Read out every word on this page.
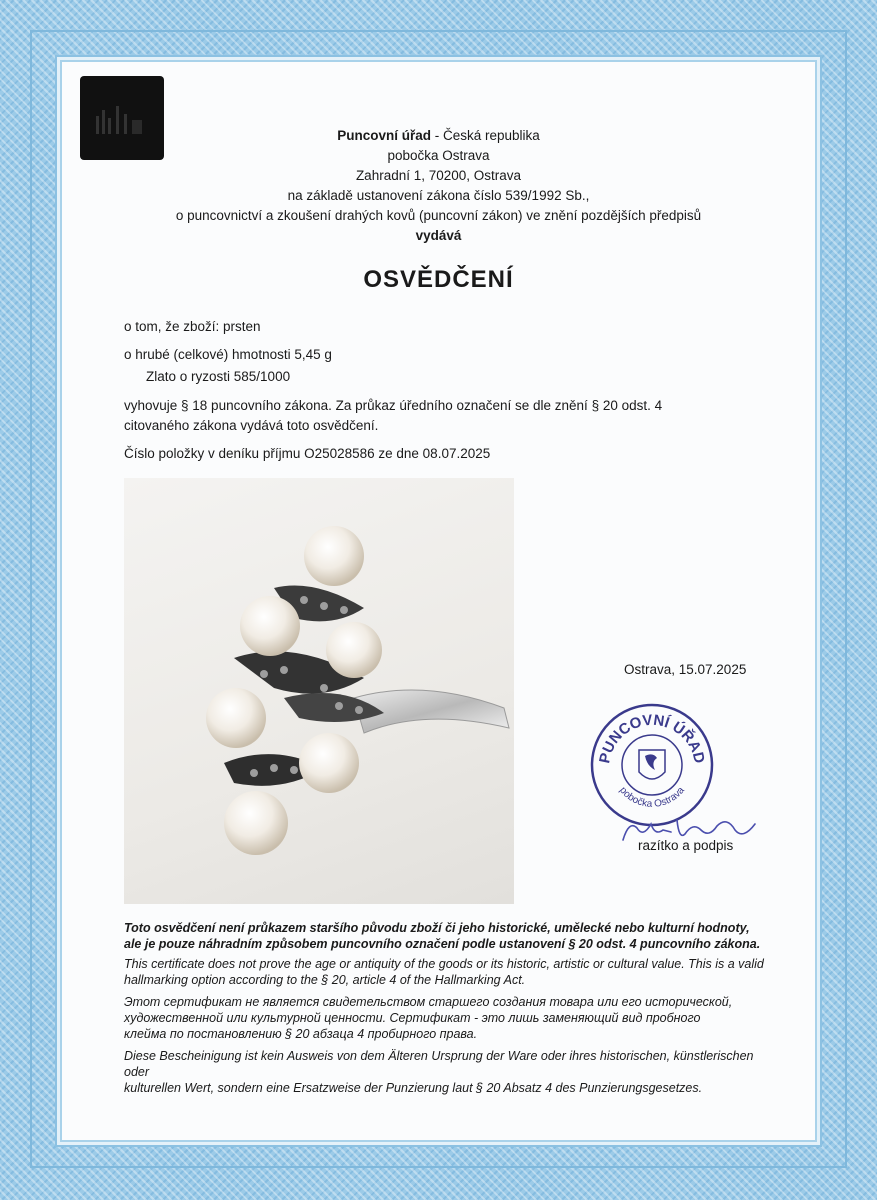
Puncovní úřad - Česká republika
pobočka Ostrava
Zahradní 1, 70200, Ostrava
na základě ustanovení zákona číslo 539/1992 Sb.,
o puncovnictví a zkoušení drahých kovů (puncovní zákon) ve znění pozdějších předpisů
vydává
OSVĚDČENÍ
o tom, že zboží: prsten
o hrubé (celkové) hmotnosti 5,45 g
Zlato o ryzosti 585/1000
vyhovuje § 18 puncovního zákona. Za průkaz úředního označení se dle znění § 20 odst. 4
citovaného zákona vydává toto osvědčení.
Číslo položky v deníku příjmu O25028586 ze dne 08.07.2025
Ostrava, 15.07.2025
PUNCOVNÍ ÚŘAD
pobočka Ostrava
razítko a podpis
Toto osvědčení není průkazem staršího původu zboží či jeho historické, umělecké nebo kulturní hodnoty,
ale je pouze náhradním způsobem puncovního označení podle ustanovení § 20 odst. 4 puncovního zákona.
This certificate does not prove the age or antiquity of the goods or its historic, artistic or cultural value. This is a valid
hallmarking option according to the § 20, article 4 of the Hallmarking Act.
Этот сертификат не является свидетельством старшего создания товара или его исторической,
художественной или культурной ценности. Сертификат - это лишь заменяющий вид пробного
клейма по постановлению § 20 абзаца 4 пробирного права.
Diese Bescheinigung ist kein Ausweis von dem Älteren Ursprung der Ware oder ihres historischen, künstlerischen oder
kulturellen Wert, sondern eine Ersatzweise der Punzierung laut § 20 Absatz 4 des Punzierungsgesetzes.
